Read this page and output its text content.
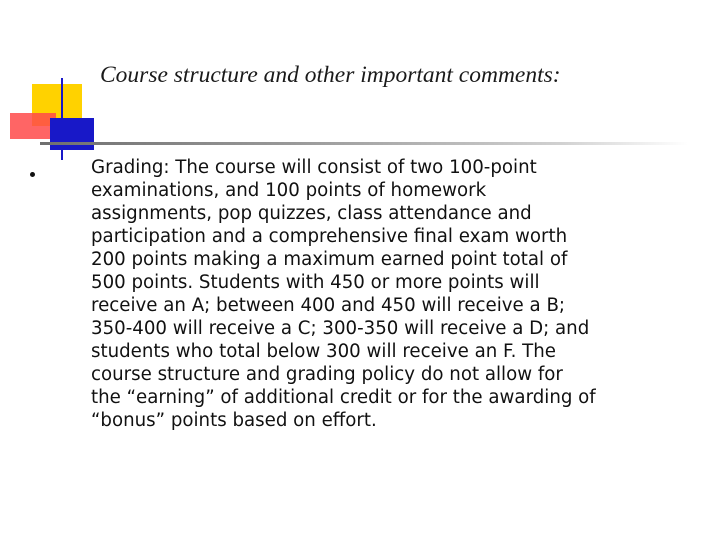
Course structure and other important comments:
Grading: The course will consist of two 100-point
examinations, and 100 points of homework
assignments, pop quizzes, class attendance and
participation and a comprehensive final exam worth
200 points making a maximum earned point total of
500 points. Students with 450 or more points will
receive an A; between 400 and 450 will receive a B;
350-400 will receive a C; 300-350 will receive a D; and
students who total below 300 will receive an F. The
course structure and grading policy do not allow for
the “earning” of additional credit or for the awarding of
“bonus” points based on effort.
